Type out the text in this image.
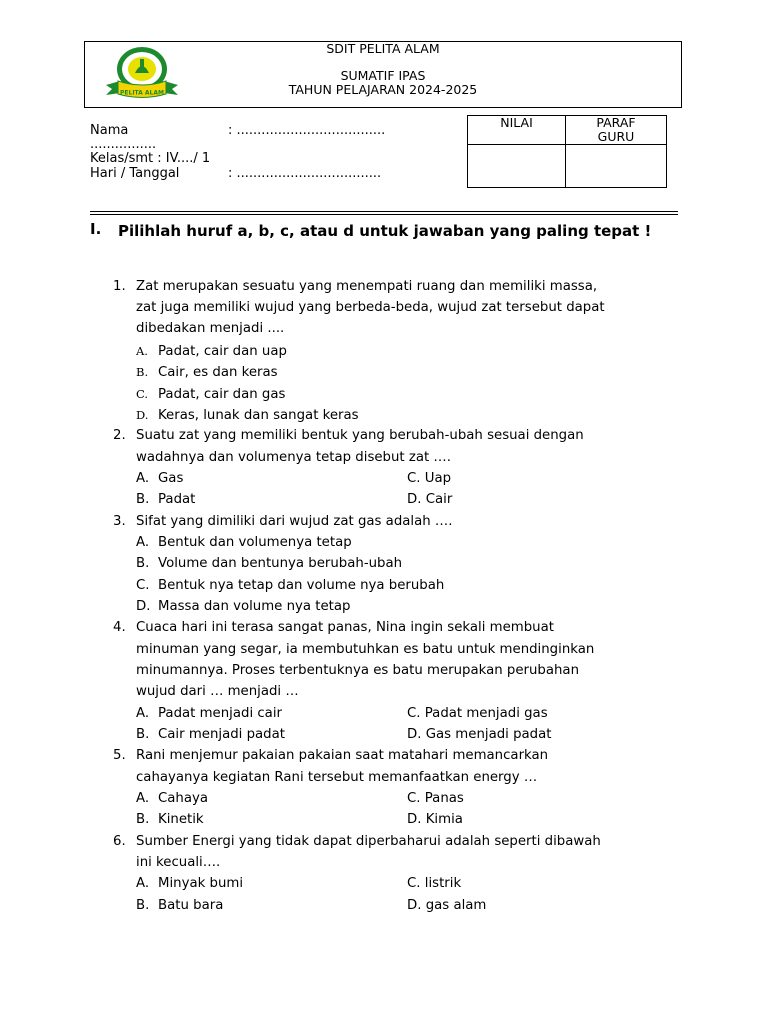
SDIT PELITA ALAM
SUMATIF IPAS
TAHUN PELAJARAN 2024-2025
PELITA ALAM
Nama	: ....................................
................
Kelas/smt : IV..../ 1
Hari / Tanggal	: ...................................
NILAI	PARAF
GURU

I. Pilihlah huruf a, b, c, atau d untuk jawaban yang paling tepat !
1. Zat merupakan sesuatu yang menempati ruang dan memiliki massa,
zat juga memiliki wujud yang berbeda-beda, wujud zat tersebut dapat
dibedakan menjadi ....
A. Padat, cair dan uap
B. Cair, es dan keras
C. Padat, cair dan gas
D. Keras, lunak dan sangat keras
2. Suatu zat yang memiliki bentuk yang berubah-ubah sesuai dengan
wadahnya dan volumenya tetap disebut zat ….
A. Gas
B. Padat
C. Uap
D. Cair
3. Sifat yang dimiliki dari wujud zat gas adalah ….
A. Bentuk dan volumenya tetap
B. Volume dan bentunya berubah-ubah
C. Bentuk nya tetap dan volume nya berubah
D. Massa dan volume nya tetap
4. Cuaca hari ini terasa sangat panas, Nina ingin sekali membuat
minuman yang segar, ia membutuhkan es batu untuk mendinginkan
minumannya. Proses terbentuknya es batu merupakan perubahan
wujud dari … menjadi …
A. Padat menjadi cair
B. Cair menjadi padat
C. Padat menjadi gas
D. Gas menjadi padat
5. Rani menjemur pakaian pakaian saat matahari memancarkan
cahayanya kegiatan Rani tersebut memanfaatkan energy …
A. Cahaya
B. Kinetik
C. Panas
D. Kimia
6. Sumber Energi yang tidak dapat diperbaharui adalah seperti dibawah
ini kecuali….
A. Minyak bumi
B. Batu bara
C. listrik
D. gas alam
